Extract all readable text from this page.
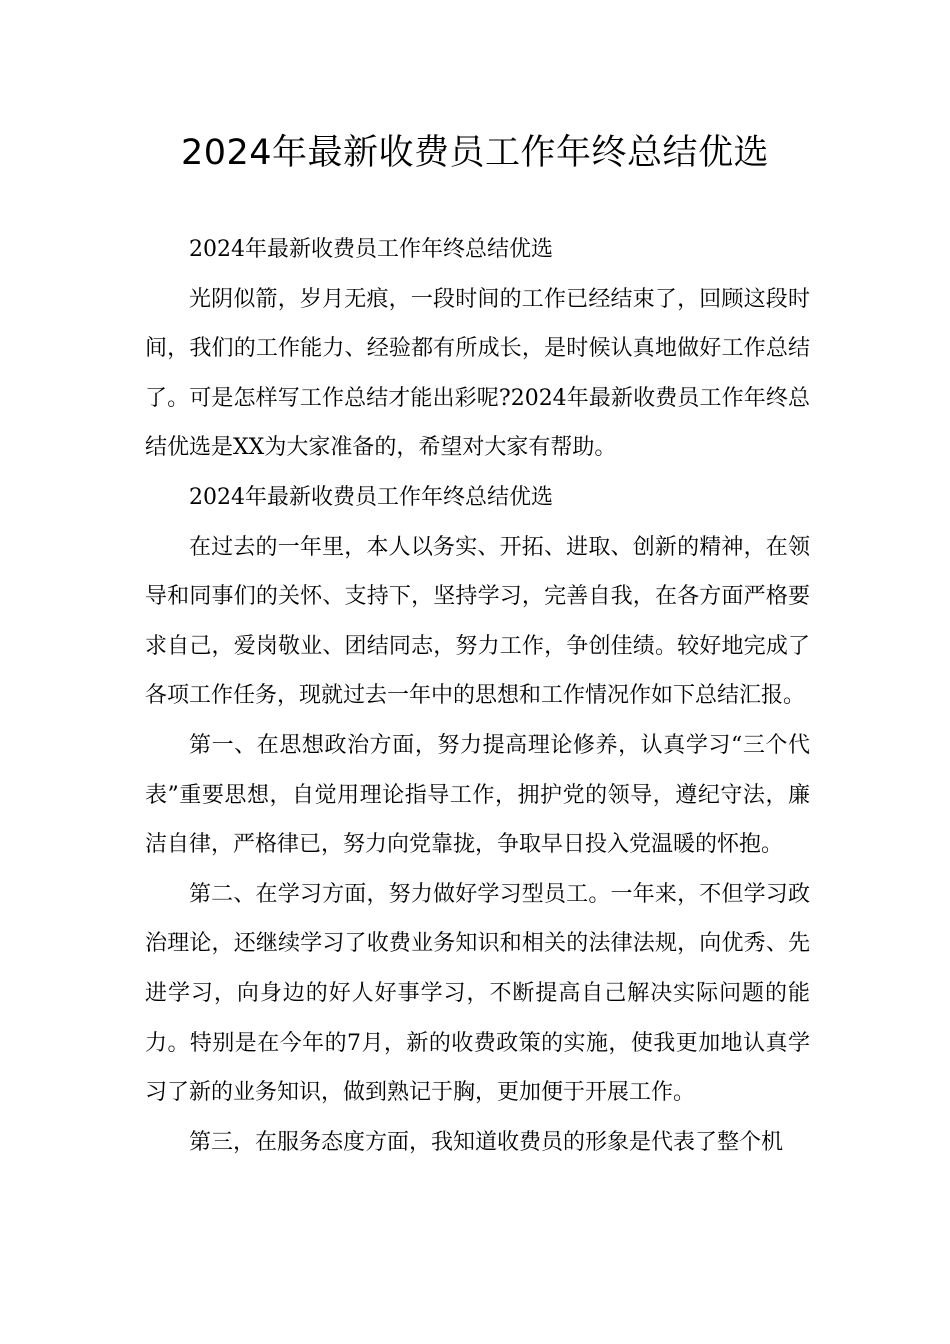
2024年最新收费员工作年终总结优选

2024年最新收费员工作年终总结优选

光阴似箭，岁月无痕，一段时间的工作已经结束了，回顾这段时间，我们的工作能力、经验都有所成长，是时候认真地做好工作总结了。可是怎样写工作总结才能出彩呢?2024年最新收费员工作年终总结优选是XX为大家准备的，希望对大家有帮助。

2024年最新收费员工作年终总结优选

在过去的一年里，本人以务实、开拓、进取、创新的精神，在领导和同事们的关怀、支持下，坚持学习，完善自我，在各方面严格要求自己，爱岗敬业、团结同志，努力工作，争创佳绩。较好地完成了各项工作任务，现就过去一年中的思想和工作情况作如下总结汇报。

第一、在思想政治方面，努力提高理论修养，认真学习“三个代表”重要思想，自觉用理论指导工作，拥护党的领导，遵纪守法，廉洁自律，严格律已，努力向党靠拢，争取早日投入党温暖的怀抱。

第二、在学习方面，努力做好学习型员工。一年来，不但学习政治理论，还继续学习了收费业务知识和相关的法律法规，向优秀、先进学习，向身边的好人好事学习，不断提高自己解决实际问题的能力。特别是在今年的7月，新的收费政策的实施，使我更加地认真学习了新的业务知识，做到熟记于胸，更加便于开展工作。

第三，在服务态度方面，我知道收费员的形象是代表了整个机
